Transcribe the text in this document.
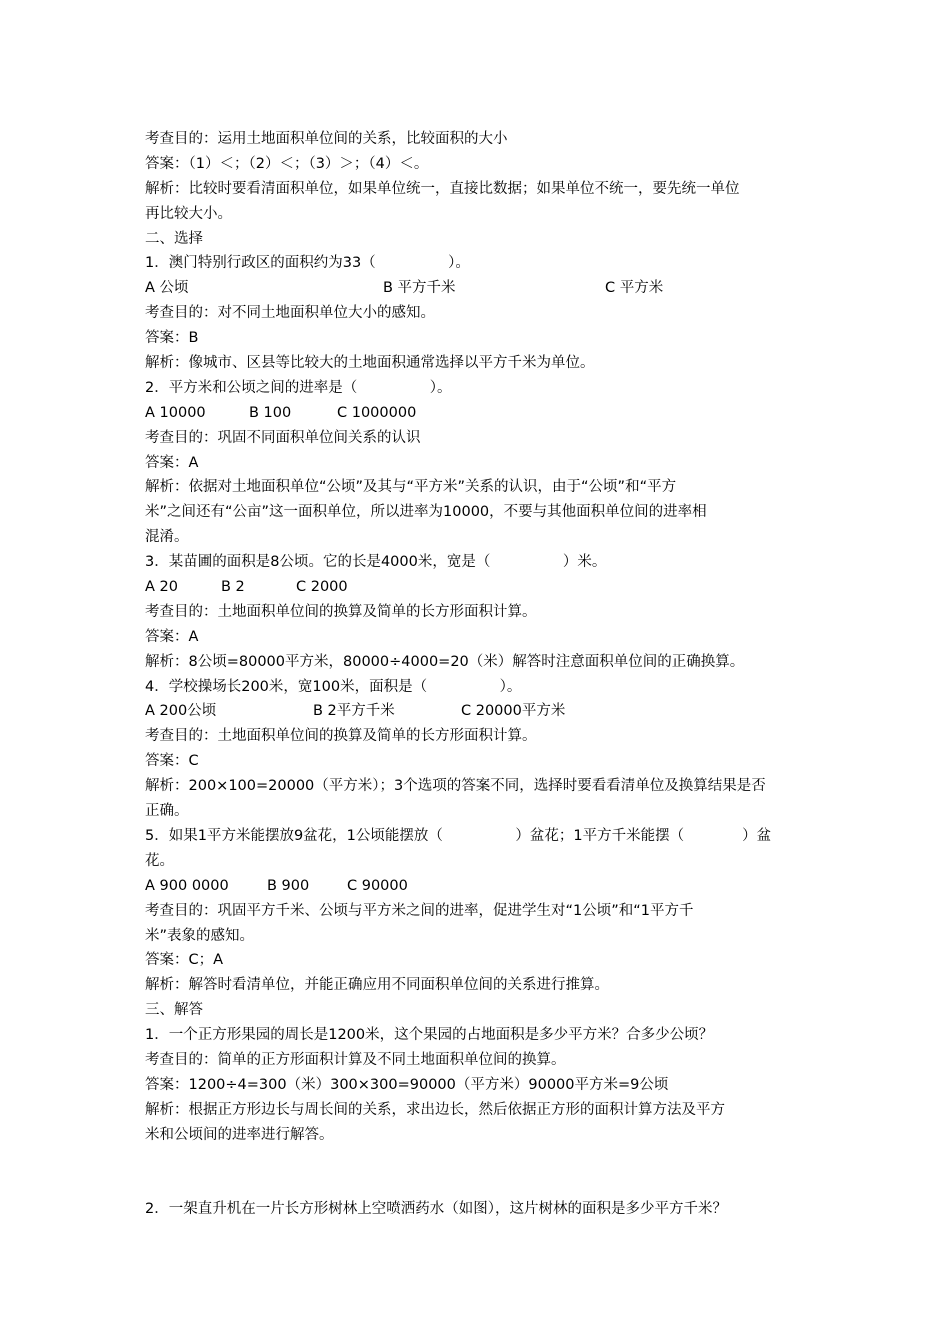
考查目的：运用土地面积单位间的关系，比较面积的大小
答案：（1）＜；（2）＜；（3）＞；（4）＜。
解析：比较时要看清面积单位，如果单位统一，直接比数据；如果单位不统一，要先统一单位
再比较大小。
二、选择
1．澳门特别行政区的面积约为33（　　　　　）。
A 公顷	B 平方千米	C 平方米
考查目的：对不同土地面积单位大小的感知。
答案：B
解析：像城市、区县等比较大的土地面积通常选择以平方千米为单位。
2．平方米和公顷之间的进率是（　　　　　）。
A 10000	B 100	C 1000000
考查目的：巩固不同面积单位间关系的认识
答案：A
解析：依据对土地面积单位“公顷”及其与“平方米”关系的认识，由于“公顷”和“平方
米”之间还有“公亩”这一面积单位，所以进率为10000，不要与其他面积单位间的进率相
混淆。
3．某苗圃的面积是8公顷。它的长是4000米，宽是（　　　　　）米。
A 20	B 2	C 2000
考查目的：土地面积单位间的换算及简单的长方形面积计算。
答案：A
解析：8公顷=80000平方米，80000÷4000=20（米）解答时注意面积单位间的正确换算。
4．学校操场长200米，宽100米，面积是（　　　　　）。
A 200公顷	B 2平方千米	C 20000平方米
考查目的：土地面积单位间的换算及简单的长方形面积计算。
答案：C
解析：200×100=20000（平方米）；3个选项的答案不同，选择时要看看清单位及换算结果是否
正确。
5．如果1平方米能摆放9盆花，1公顷能摆放（　　　　　）盆花；1平方千米能摆（　　　　）盆
花。
A 900 0000	B 900	C 90000
考查目的：巩固平方千米、公顷与平方米之间的进率，促进学生对“1公顷”和“1平方千
米”表象的感知。
答案：C；A
解析：解答时看清单位，并能正确应用不同面积单位间的关系进行推算。
三、解答
1．一个正方形果园的周长是1200米，这个果园的占地面积是多少平方米？合多少公顷？
考查目的：简单的正方形面积计算及不同土地面积单位间的换算。
答案：1200÷4=300（米）300×300=90000（平方米）90000平方米=9公顷
解析：根据正方形边长与周长间的关系，求出边长，然后依据正方形的面积计算方法及平方
米和公顷间的进率进行解答。
2．一架直升机在一片长方形树林上空喷洒药水（如图），这片树林的面积是多少平方千米？
